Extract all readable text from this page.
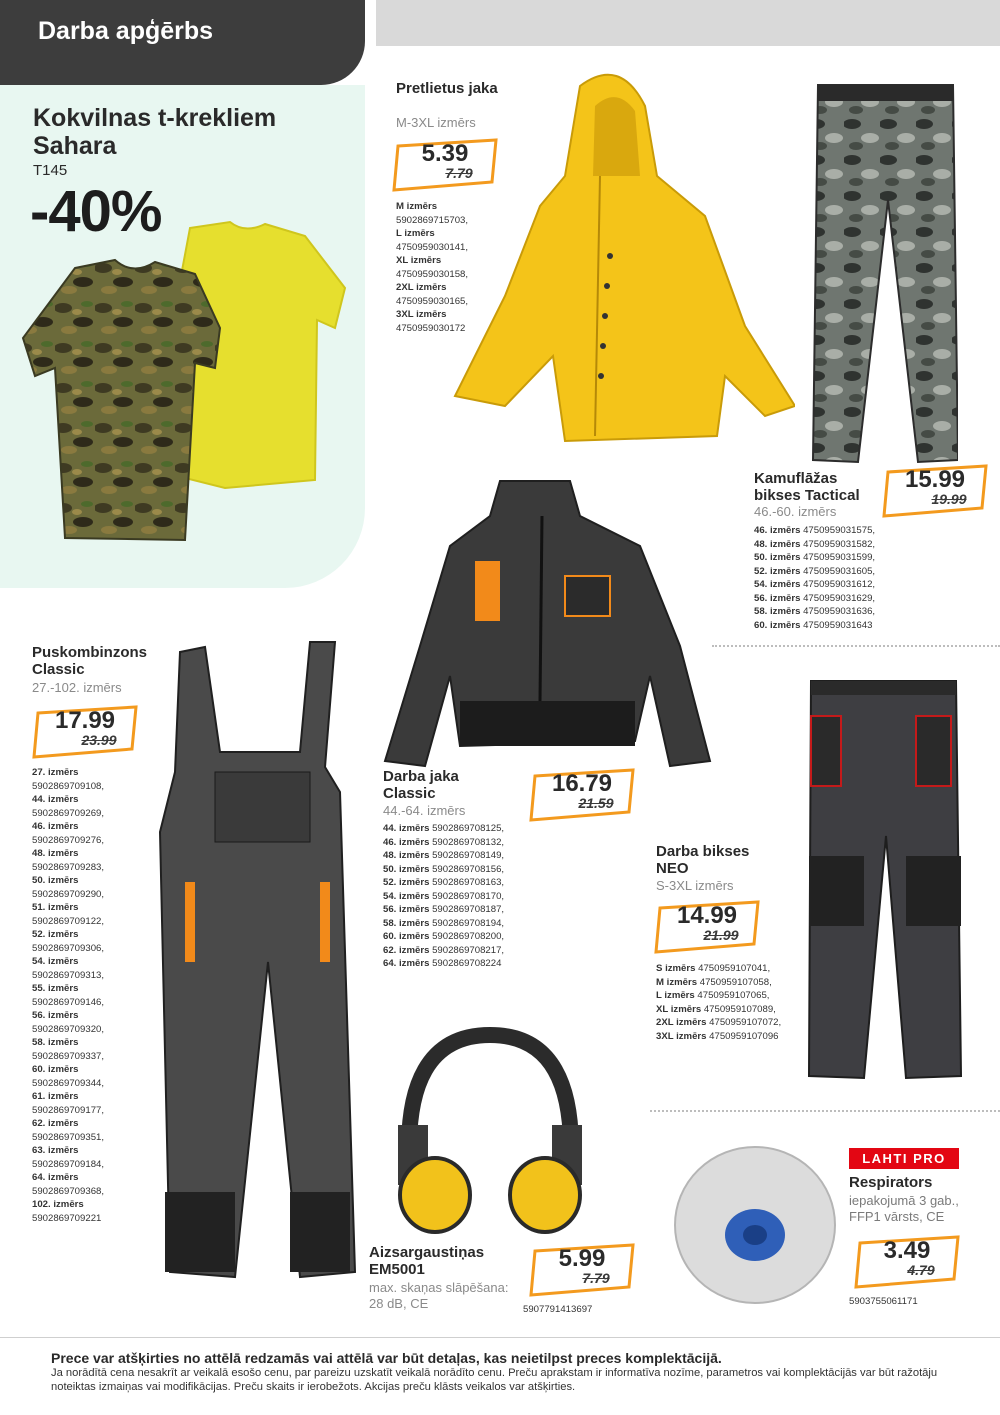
Darba apģērbs
Kokvilnas t-krekliem Sahara
T145
-40%
Pretlietus jaka
M-3XL izmērs
5.39
7.79
M izmērs
5902869715703,
L izmērs
4750959030141,
XL izmērs
4750959030158,
2XL izmērs
4750959030165,
3XL izmērs
4750959030172
Kamuflāžas bikses Tactical
46.-60. izmērs
15.99
19.99
46. izmērs 4750959031575,
48. izmērs 4750959031582,
50. izmērs 4750959031599,
52. izmērs 4750959031605,
54. izmērs 4750959031612,
56. izmērs 4750959031629,
58. izmērs 4750959031636,
60. izmērs 4750959031643
Darba jaka Classic
44.-64. izmērs
16.79
21.59
44. izmērs 5902869708125,
46. izmērs 5902869708132,
48. izmērs 5902869708149,
50. izmērs 5902869708156,
52. izmērs 5902869708163,
54. izmērs 5902869708170,
56. izmērs 5902869708187,
58. izmērs 5902869708194,
60. izmērs 5902869708200,
62. izmērs 5902869708217,
64. izmērs 5902869708224
Puskombinzons Classic
27.-102. izmērs
17.99
23.99
27. izmērs
5902869709108,
44. izmērs
5902869709269,
46. izmērs
5902869709276,
48. izmērs
5902869709283,
50. izmērs
5902869709290,
51. izmērs
5902869709122,
52. izmērs
5902869709306,
54. izmērs
5902869709313,
55. izmērs
5902869709146,
56. izmērs
5902869709320,
58. izmērs
5902869709337,
60. izmērs
5902869709344,
61. izmērs
5902869709177,
62. izmērs
5902869709351,
63. izmērs
5902869709184,
64. izmērs
5902869709368,
102. izmērs
5902869709221
Darba bikses NEO
S-3XL izmērs
14.99
21.99
S izmērs 4750959107041,
M izmērs 4750959107058,
L izmērs 4750959107065,
XL izmērs 4750959107089,
2XL izmērs 4750959107072,
3XL izmērs 4750959107096
Aizsargaustiņas EM5001
max. skaņas slāpēšana: 28 dB, CE
5.99
7.79
5907791413697
LAHTI PRO
Respirators
iepakojumā 3 gab., FFP1 vārsts, CE
3.49
4.79
5903755061171
Prece var atšķirties no attēlā redzamās vai attēlā var būt detaļas, kas neietilpst preces komplektācijā.
Ja norādītā cena nesakrīt ar veikalā esošo cenu, par pareizu uzskatīt veikalā norādīto cenu. Preču aprakstam ir informatīva nozīme, parametros vai komplektācijās var būt ražotāju noteiktas izmaiņas vai modifikācijas. Preču skaits ir ierobežots. Akcijas preču klāsts veikalos var atšķirties.
